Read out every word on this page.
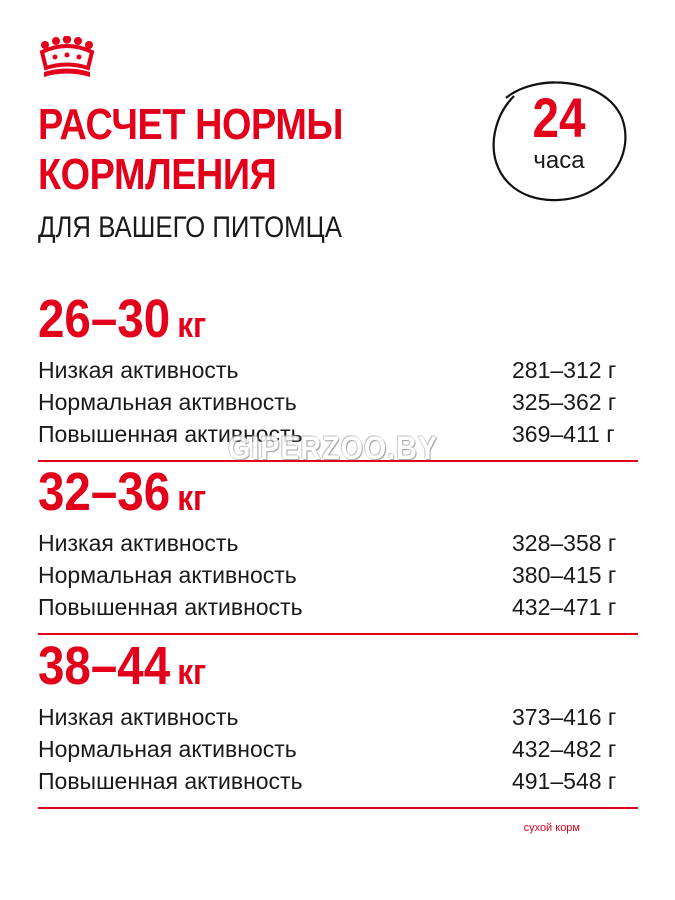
РАСЧЕТ НОРМЫ
КОРМЛЕНИЯ
ДЛЯ ВАШЕГО ПИТОМЦА
24
часа
26–30 кг
Низкая активность	281–312 г
Нормальная активность	325–362 г
Повышенная активность	369–411 г
32–36 кг
Низкая активность	328–358 г
Нормальная активность	380–415 г
Повышенная активность	432–471 г
38–44 кг
Низкая активность	373–416 г
Нормальная активность	432–482 г
Повышенная активность	491–548 г
GIPERZOO.BY
сухой корм
